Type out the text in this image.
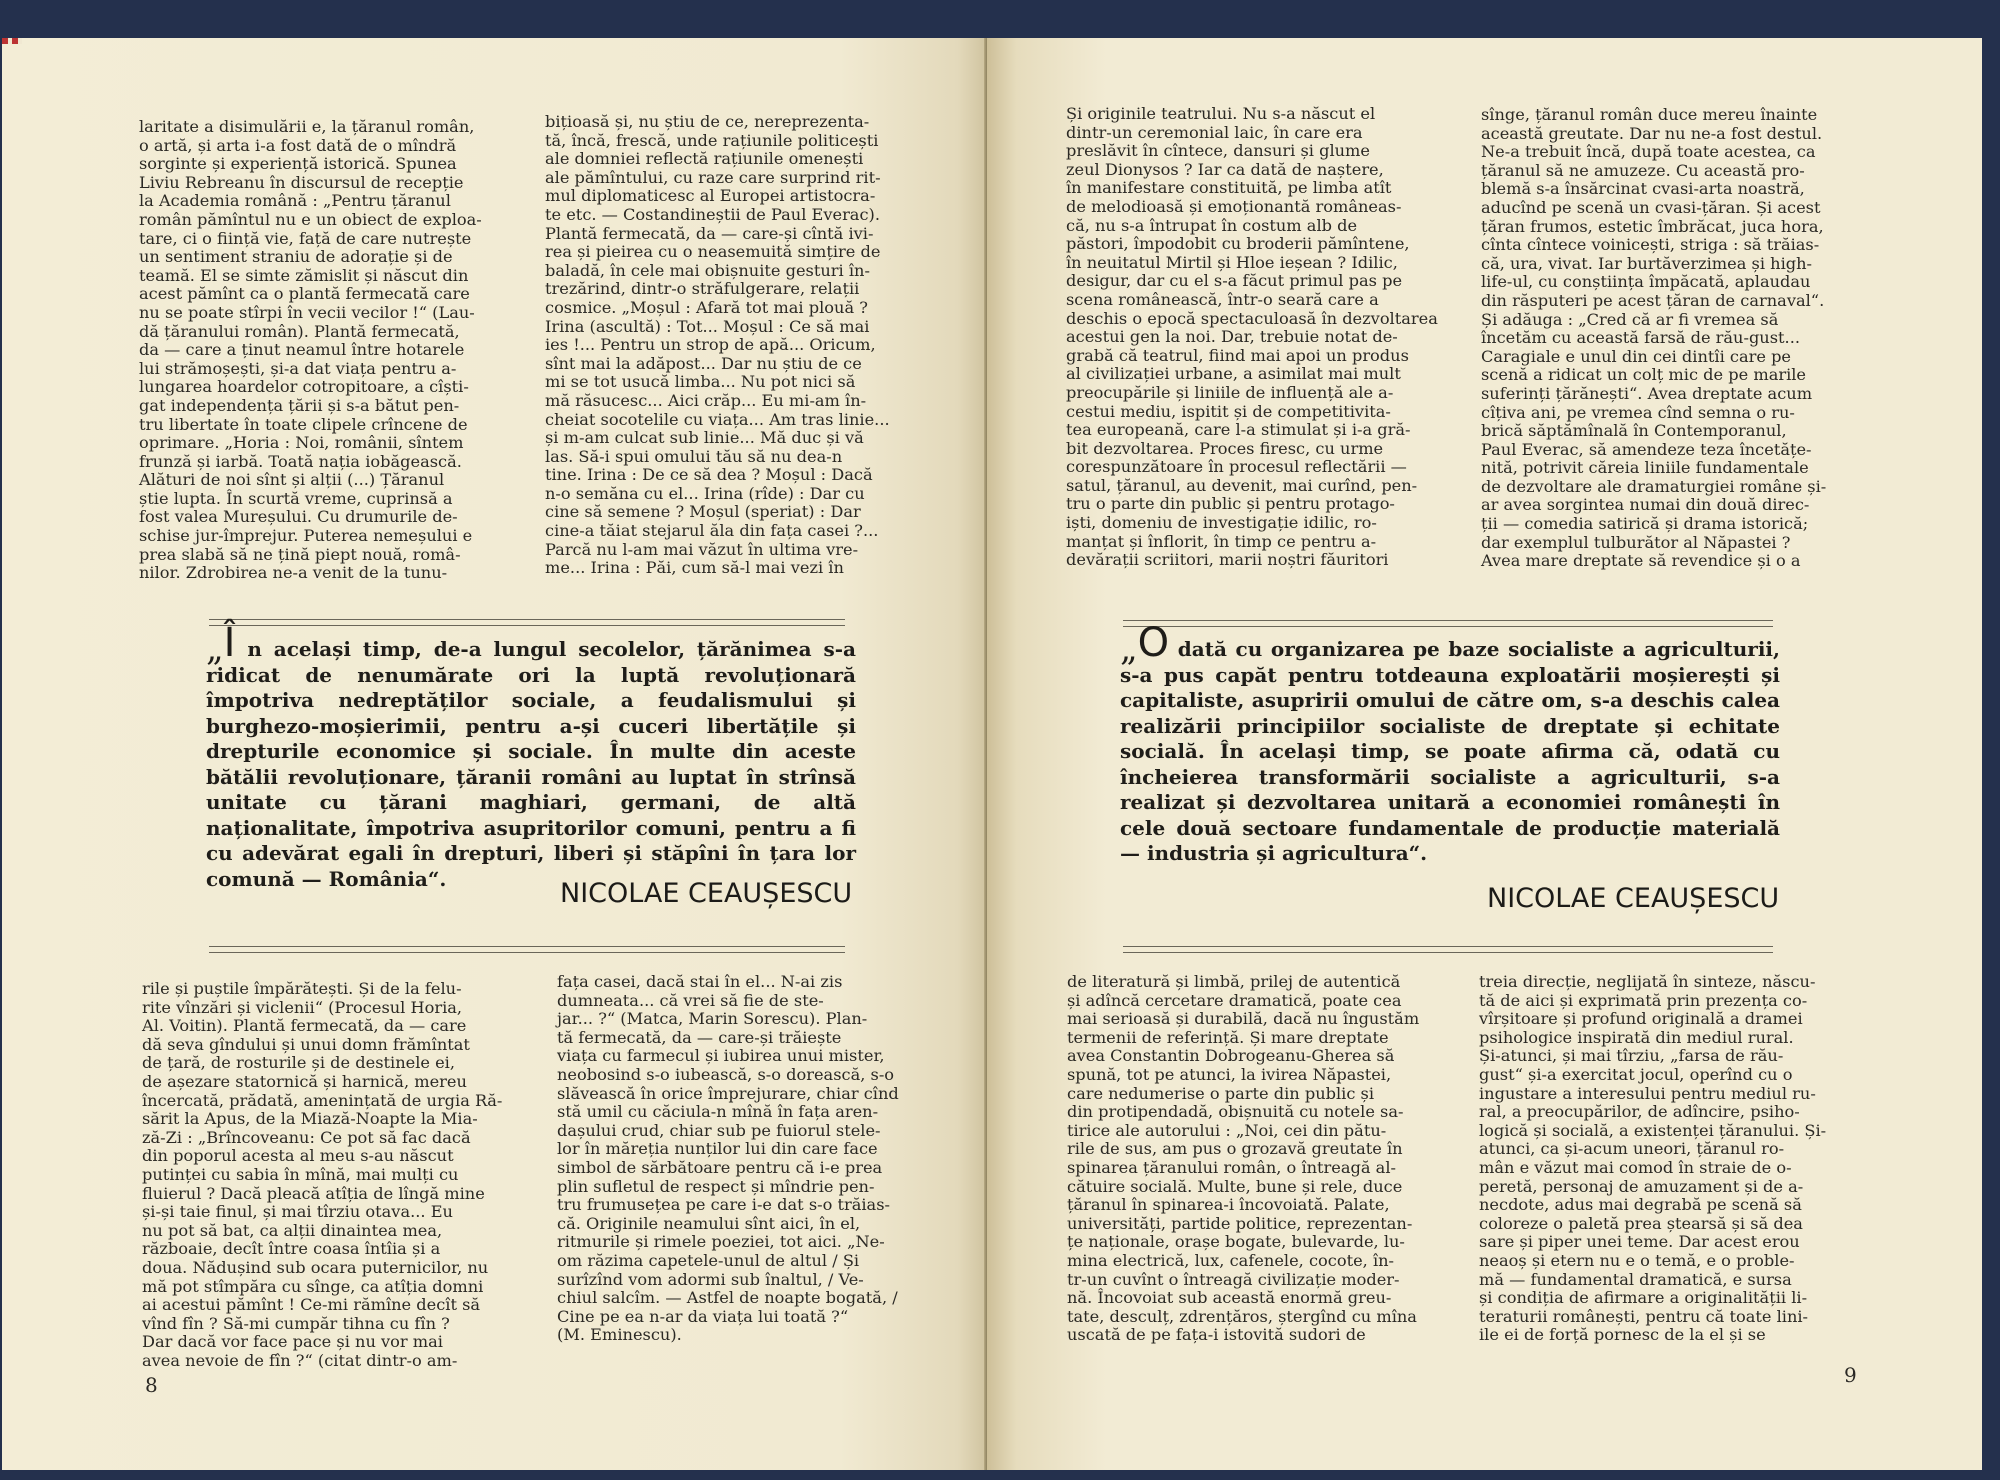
laritate a disimulării e, la țăranul român,
o artă, și arta i-a fost dată de o mîndră
sorginte și experiență istorică. Spunea
Liviu Rebreanu în discursul de recepție
la Academia română : „Pentru țăranul
român pămîntul nu e un obiect de exploa-
tare, ci o ființă vie, față de care nutrește
un sentiment straniu de adorație și de
teamă. El se simte zămislit și născut din
acest pămînt ca o plantă fermecată care
nu se poate stîrpi în vecii vecilor !“ (Lau-
dă țăranului român). Plantă fermecată,
da — care a ținut neamul între hotarele
lui strămoșești, și-a dat viața pentru a-
lungarea hoardelor cotropitoare, a cîști-
gat independența țării și s-a bătut pen-
tru libertate în toate clipele crîncene de
oprimare. „Horia : Noi, românii, sîntem
frunză și iarbă. Toată nația iobăgească.
Alături de noi sînt și alții (...) Țăranul
știe lupta. În scurtă vreme, cuprinsă a
fost valea Mureșului. Cu drumurile de-
schise jur-împrejur. Puterea nemeșului e
prea slabă să ne țină piept nouă, româ-
nilor. Zdrobirea ne-a venit de la tunu-
bițioasă și, nu știu de ce, nereprezenta-
tă, încă, frescă, unde rațiunile politicești
ale domniei reflectă rațiunile omenești
ale pămîntului, cu raze care surprind rit-
mul diplomaticesc al Europei artistocra-
te etc. — Costandineștii de Paul Everac).
Plantă fermecată, da — care-și cîntă ivi-
rea și pieirea cu o neasemuită simțire de
baladă, în cele mai obișnuite gesturi în-
trezărind, dintr-o străfulgerare, relații
cosmice. „Moșul : Afară tot mai plouă ?
Irina (ascultă) : Tot... Moșul : Ce să mai
ies !... Pentru un strop de apă... Oricum,
sînt mai la adăpost... Dar nu știu de ce
mi se tot usucă limba... Nu pot nici să
mă răsucesc... Aici crăp... Eu mi-am în-
cheiat socotelile cu viața... Am tras linie...
și m-am culcat sub linie... Mă duc și vă
las. Să-i spui omului tău să nu dea-n
tine. Irina : De ce să dea ? Moșul : Dacă
n-o semăna cu el... Irina (rîde) : Dar cu
cine să semene ? Moșul (speriat) : Dar
cine-a tăiat stejarul ăla din fața casei ?...
Parcă nu l-am mai văzut în ultima vre-
me... Irina : Păi, cum să-l mai vezi în
„Î n același timp, de-a lungul secolelor, țărănimea s-a ridicat de nenumărate ori la luptă revoluționară împotriva nedreptăților sociale, a feudalismului și burghezo-moșierimii, pentru a-și cuceri libertățile și drepturile economice și sociale. În multe din aceste bătălii revoluționare, țăranii români au luptat în strînsă unitate cu țărani maghiari, germani, de altă naționalitate, împotriva asupritorilor comuni, pentru a fi cu adevărat egali în drepturi, liberi și stăpîni în țara lor comună — România“.	NICOLAE CEAUȘESCU
rile și puștile împărătești. Și de la felu-
rite vînzări și vicleniі“ (Procesul Horia,
Al. Voitin). Plantă fermecată, da — care
dă seva gîndului și unui domn frămîntat
de țară, de rosturile și de destinele ei,
de așezare statornică și harnică, mereu
încercată, prădată, amenințată de urgia Ră-
sărit la Apus, de la Miază-Noapte la Mia-
ză-Zi : „Brîncoveanu: Ce pot să fac dacă
din poporul acesta al meu s-au născut
putinței cu sabia în mînă, mai mulți cu
fluierul ? Dacă pleacă atîția de lîngă mine
și-și taie finul, și mai tîrziu otava... Eu
nu pot să bat, ca alții dinaintea mea,
războaie, decît între coasa întîia și a
doua. Nădușind sub ocara puternicilor, nu
mă pot stîmpăra cu sînge, ca atîția domni
ai acestui pămînt ! Ce-mi rămîne decît să
vînd fîn ? Să-mi cumpăr tihna cu fîn ?
Dar dacă vor face pace și nu vor mai
avea nevoie de fîn ?“ (citat dintr-o am-
fața casei, dacă stai în el... N-ai zis
dumneata... că vrei să fie de ste-
jar... ?“ (Matca, Marin Sorescu). Plan-
tă fermecată, da — care-și trăiește
viața cu farmecul și iubirea unui mister,
neobosind s-o iubească, s-o dorească, s-o
slăvească în orice împrejurare, chiar cînd
stă umil cu căciula-n mînă în fața aren-
dașului crud, chiar sub pe fuiorul stele-
lor în măreția nunților lui din care face
simbol de sărbătoare pentru că i-e prea
plin sufletul de respect și mîndrie pen-
tru frumusețea pe care i-e dat s-o trăias-
că. Originile neamului sînt aici, în el,
ritmurile și rimele poeziei, tot aici. „Ne-
om răzima capetele-unul de altul / Și
surîzînd vom adormi sub înaltul, / Ve-
chiul salcîm. — Astfel de noapte bogată, /
Cine pe ea n-ar da viața lui toată ?“
(M. Eminescu).
8
Și originile teatrului. Nu s-a născut el
dintr-un ceremonial laic, în care era
preslăvit în cîntece, dansuri și glume
zeul Dionysos ? Iar ca dată de naștere,
în manifestare constituită, pe limba atît
de melodioasă și emoționantă româneas-
că, nu s-a întrupat în costum alb de
păstori, împodobit cu broderii pămîntene,
în neuitatul Mirtil și Hloe ieșean ? Idilic,
desigur, dar cu el s-a făcut primul pas pe
scena românească, într-o seară care a
deschis o epocă spectaculoasă în dezvoltarea
acestui gen la noi. Dar, trebuie notat de-
grabă că teatrul, fiind mai apoi un produs
al civilizației urbane, a asimilat mai mult
preocupările și liniile de influență ale a-
cestui mediu, ispitit și de competitivita-
tea europeană, care l-a stimulat și i-a gră-
bit dezvoltarea. Proces firesc, cu urme
corespunzătoare în procesul reflectării —
satul, țăranul, au devenit, mai curînd, pen-
tru o parte din public și pentru protago-
iști, domeniu de investigație idilic, ro-
manțat și înflorit, în timp ce pentru a-
devărații scriitori, marii noștri făuritori
sînge, țăranul român duce mereu înainte
această greutate. Dar nu ne-a fost destul.
Ne-a trebuit încă, după toate acestea, ca
țăranul să ne amuzeze. Cu această pro-
blemă s-a însărcinat cvasi-arta noastră,
aducînd pe scenă un cvasi-țăran. Și acest
țăran frumos, estetic îmbrăcat, juca hora,
cînta cîntece voinicești, striga : să trăias-
că, ura, vivat. Iar burtăverzimea și high-
life-ul, cu conștiința împăcată, aplaudau
din răsputeri pe acest țăran de carnaval“.
Și adăuga : „Cred că ar fi vremea să
încetăm cu această farsă de rău-gust...
Caragiale e unul din cei dintîi care pe
scenă a ridicat un colț mic de pe marile
suferinți țărănești“. Avea dreptate acum
cîțiva ani, pe vremea cînd semna o ru-
brică săptămînală în Contemporanul,
Paul Everac, să amendeze teza încetățe-
nită, potrivit căreia liniile fundamentale
de dezvoltare ale dramaturgiei române și-
ar avea sorgintea numai din două direc-
ții — comedia satirică și drama istorică;
dar exemplul tulburător al Năpastei ?
Avea mare dreptate să revendice și o a
„O dată cu organizarea pe baze socialiste a agriculturii, s-a pus capăt pentru totdeauna exploatării moșierești și capitaliste, asupririi omului de către om, s-a deschis calea realizării principiilor socialiste de dreptate și echitate socială. În același timp, se poate afirma că, odată cu încheierea transformării socialiste a agriculturii, s-a realizat și dezvoltarea unitară a economiei românești în cele două sectoare fundamentale de producție materială — industria și agricultura“.
NICOLAE CEAUȘESCU
de literatură și limbă, prilej de autentică
și adîncă cercetare dramatică, poate cea
mai serioasă și durabilă, dacă nu îngustăm
termenii de referință. Și mare dreptate
avea Constantin Dobrogeanu-Gherea să
spună, tot pe atunci, la ivirea Năpastei,
care nedumerise o parte din public și
din protipendadă, obișnuită cu notele sa-
tirice ale autorului : „Noi, cei din pătu-
rile de sus, am pus o grozavă greutate în
spinarea țăranului român, o întreagă al-
cătuire socială. Multe, bune și rele, duce
țăranul în spinarea-i încovoiată. Palate,
universități, partide politice, reprezentan-
țe naționale, orașe bogate, bulevarde, lu-
mina electrică, lux, cafenele, cocote, în-
tr-un cuvînt o întreagă civilizație moder-
nă. Încovoiat sub această enormă greu-
tate, desculț, zdrențăros, ștergînd cu mîna
uscată de pe fața-i istovită sudori de
treia direcție, neglijată în sinteze, născu-
tă de aici și exprimată prin prezența co-
vîrșitoare și profund originală a dramei
psihologice inspirată din mediul rural.
Și-atunci, și mai tîrziu, „farsa de rău-
gust“ și-a exercitat jocul, operînd cu o
ingustare a interesului pentru mediul ru-
ral, a preocupărilor, de adîncire, psiho-
logică și socială, a existenței țăranului. Și-
atunci, ca și-acum uneori, țăranul ro-
mân e văzut mai comod în straie de o-
peretă, personaj de amuzament și de a-
necdote, adus mai degrabă pe scenă să
coloreze o paletă prea ștearsă și să dea
sare și piper unei teme. Dar acest erou
neaoș și etern nu e o temă, e o proble-
mă — fundamental dramatică, e sursa
și condiția de afirmare a originalității li-
teraturii românești, pentru că toate lini-
ile ei de forță pornesc de la el și se
9
